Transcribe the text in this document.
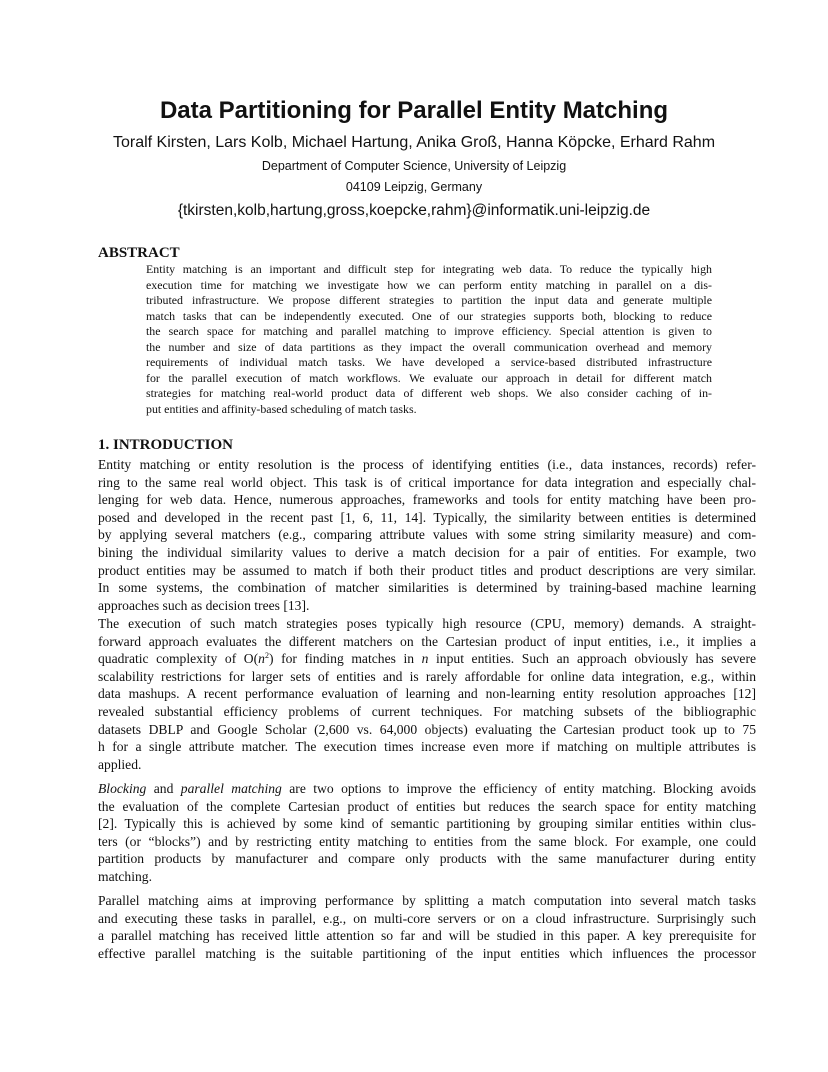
Data Partitioning for Parallel Entity Matching
Toralf Kirsten, Lars Kolb, Michael Hartung, Anika Groß, Hanna Köpcke, Erhard Rahm
Department of Computer Science, University of Leipzig
04109 Leipzig, Germany
{tkirsten,kolb,hartung,gross,koepcke,rahm}@informatik.uni-leipzig.de
ABSTRACT
Entity matching is an important and difficult step for integrating web data. To reduce the typically high
execution time for matching we investigate how we can perform entity matching in parallel on a dis-
tributed infrastructure. We propose different strategies to partition the input data and generate multiple
match tasks that can be independently executed. One of our strategies supports both, blocking to reduce
the search space for matching and parallel matching to improve efficiency. Special attention is given to
the number and size of data partitions as they impact the overall communication overhead and memory
requirements of individual match tasks. We have developed a service-based distributed infrastructure
for the parallel execution of match workflows. We evaluate our approach in detail for different match
strategies for matching real-world product data of different web shops. We also consider caching of in-
put entities and affinity-based scheduling of match tasks.
1. INTRODUCTION
Entity matching or entity resolution is the process of identifying entities (i.e., data instances, records) refer-
ring to the same real world object. This task is of critical importance for data integration and especially chal-
lenging for web data. Hence, numerous approaches, frameworks and tools for entity matching have been pro-
posed and developed in the recent past [1, 6, 11, 14]. Typically, the similarity between entities is determined
by applying several matchers (e.g., comparing attribute values with some string similarity measure) and com-
bining the individual similarity values to derive a match decision for a pair of entities. For example, two
product entities may be assumed to match if both their product titles and product descriptions are very similar.
In some systems, the combination of matcher similarities is determined by training-based machine learning
approaches such as decision trees [13].
The execution of such match strategies poses typically high resource (CPU, memory) demands. A straight-
forward approach evaluates the different matchers on the Cartesian product of input entities, i.e., it implies a
quadratic complexity of $O(n^2)$ for finding matches in n input entities. Such an approach obviously has severe
scalability restrictions for larger sets of entities and is rarely affordable for online data integration, e.g., within
data mashups. A recent performance evaluation of learning and non-learning entity resolution approaches [12]
revealed substantial efficiency problems of current techniques. For matching subsets of the bibliographic
datasets DBLP and Google Scholar (2,600 vs. 64,000 objects) evaluating the Cartesian product took up to 75
h for a single attribute matcher. The execution times increase even more if matching on multiple attributes is
applied.
Blocking and parallel matching are two options to improve the efficiency of entity matching. Blocking avoids
the evaluation of the complete Cartesian product of entities but reduces the search space for entity matching
[2]. Typically this is achieved by some kind of semantic partitioning by grouping similar entities within clus-
ters (or “blocks”) and by restricting entity matching to entities from the same block. For example, one could
partition products by manufacturer and compare only products with the same manufacturer during entity
matching.
Parallel matching aims at improving performance by splitting a match computation into several match tasks
and executing these tasks in parallel, e.g., on multi-core servers or on a cloud infrastructure. Surprisingly such
a parallel matching has received little attention so far and will be studied in this paper. A key prerequisite for
effective parallel matching is the suitable partitioning of the input entities which influences the processor
